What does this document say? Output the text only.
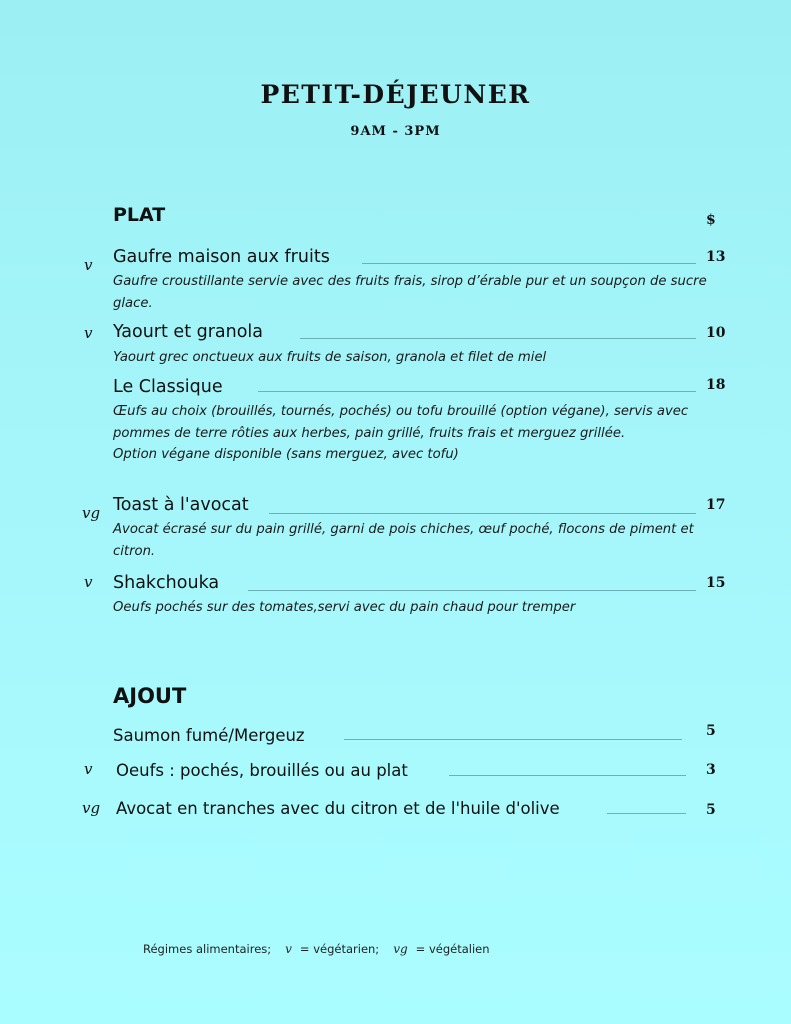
PETIT-DÉJEUNER
9AM - 3PM
PLAT	$
v	Gaufre maison aux fruits	13

Gaufre croustillante servie avec des fruits frais, sirop d’érable pur et un soupçon de sucre glace.

v	Yaourt et granola	10

Yaourt grec onctueux aux fruits de saison, granola et filet de miel

Le Classique	18

Œufs au choix (brouillés, tournés, pochés) ou tofu brouillé (option végane), servis avec pommes de terre rôties aux herbes, pain grillé, fruits frais et merguez grillée.

Option végane disponible (sans merguez, avec tofu)

vg Toast à l'avocat	17

Avocat écrasé sur du pain grillé, garni de pois chiches, œuf poché, flocons de piment et citron.

v	Shakchouka	15

Oeufs pochés sur des tomates,servi avec du pain chaud pour tremper

AJOUT
Saumon fumé/Mergeuz	5
v	Oeufs : pochés, brouillés ou au plat	3
vg Avocat en tranches avec du citron et de l'huile d'olive	5
Régimes alimentaires; v = végétarien; vg = végétalien
